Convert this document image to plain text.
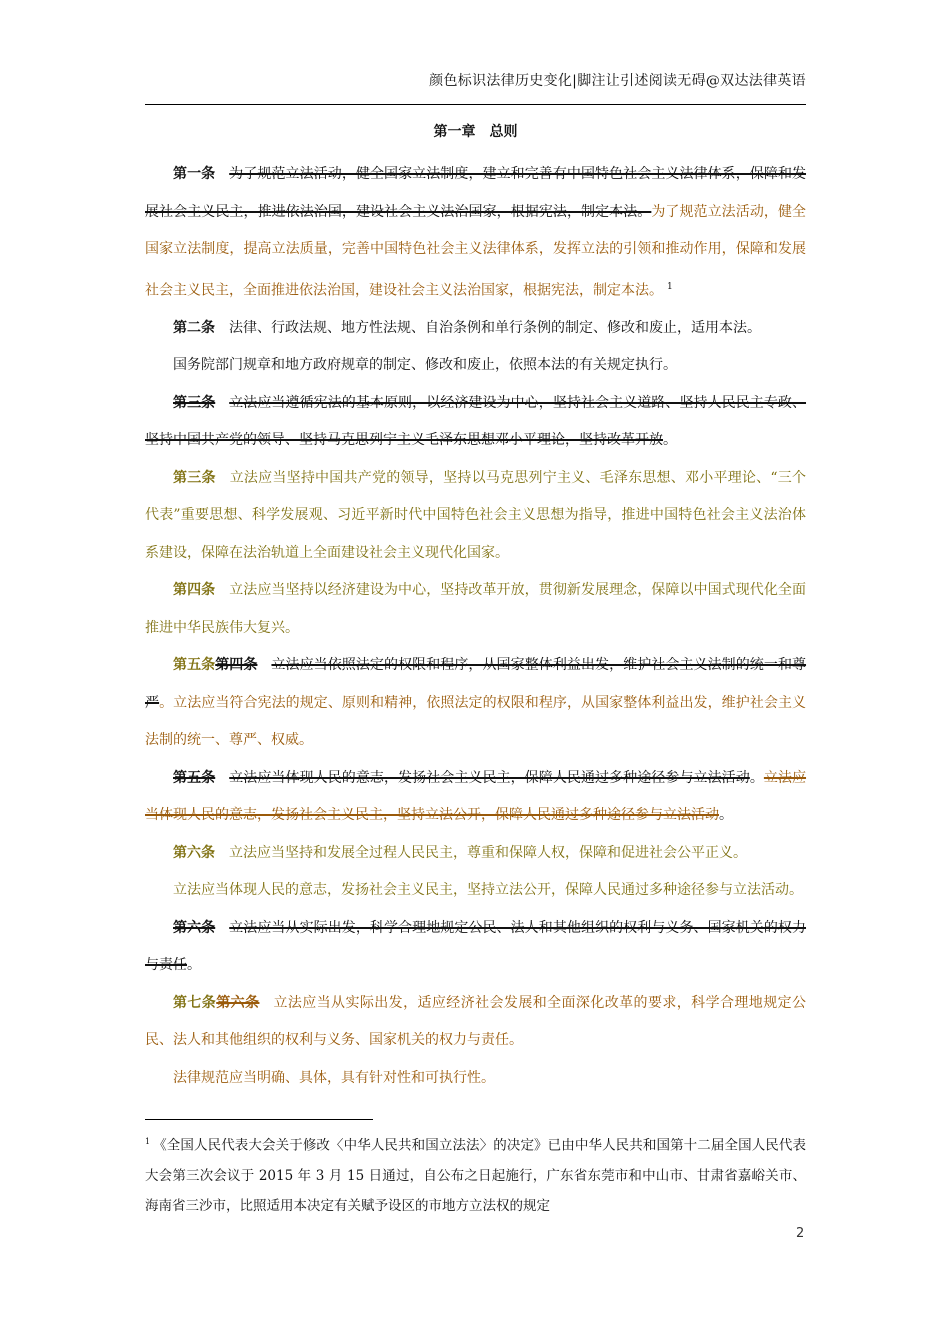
颜色标识法律历史变化|脚注让引述阅读无碍@双达法律英语
第一章　总则

第一条 为了规范立法活动，健全国家立法制度，建立和完善有中国特色社会主义法律体系，保障和发展社会主义民主，推进依法治国，建设社会主义法治国家，根据宪法，制定本法。为了规范立法活动，健全国家立法制度，提高立法质量，完善中国特色社会主义法律体系，发挥立法的引领和推动作用，保障和发展社会主义民主，全面推进依法治国，建设社会主义法治国家，根据宪法，制定本法。 $^1$

第二条 法律、行政法规、地方性法规、自治条例和单行条例的制定、修改和废止，适用本法。

国务院部门规章和地方政府规章的制定、修改和废止，依照本法的有关规定执行。

第三条 立法应当遵循宪法的基本原则，以经济建设为中心，坚持社会主义道路、坚持人民民主专政、坚持中国共产党的领导、坚持马克思列宁主义毛泽东思想邓小平理论，坚持改革开放。

第三条 立法应当坚持中国共产党的领导，坚持以马克思列宁主义、毛泽东思想、邓小平理论、“三个代表”重要思想、科学发展观、习近平新时代中国特色社会主义思想为指导，推进中国特色社会主义法治体系建设，保障在法治轨道上全面建设社会主义现代化国家。

第四条 立法应当坚持以经济建设为中心，坚持改革开放，贯彻新发展理念，保障以中国式现代化全面推进中华民族伟大复兴。

第五条第四条 立法应当依照法定的权限和程序，从国家整体利益出发，维护社会主义法制的统一和尊严。立法应当符合宪法的规定、原则和精神，依照法定的权限和程序，从国家整体利益出发，维护社会主义法制的统一、尊严、权威。

第五条 立法应当体现人民的意志，发扬社会主义民主，保障人民通过多种途径参与立法活动。立法应当体现人民的意志，发扬社会主义民主，坚持立法公开，保障人民通过多种途径参与立法活动。

第六条 立法应当坚持和发展全过程人民民主，尊重和保障人权，保障和促进社会公平正义。

立法应当体现人民的意志，发扬社会主义民主，坚持立法公开，保障人民通过多种途径参与立法活动。

第六条 立法应当从实际出发，科学合理地规定公民、法人和其他组织的权利与义务、国家机关的权力与责任。

第七条第六条 立法应当从实际出发，适应经济社会发展和全面深化改革的要求，科学合理地规定公民、法人和其他组织的权利与义务、国家机关的权力与责任。

法律规范应当明确、具体，具有针对性和可执行性。

$^1$ 《全国人民代表大会关于修改〈中华人民共和国立法法〉的决定》已由中华人民共和国第十二届全国人民代表大会第三次会议于 2015 年 3 月 15 日通过，自公布之日起施行，广东省东莞市和中山市、甘肃省嘉峪关市、海南省三沙市，比照适用本决定有关赋予设区的市地方立法权的规定
2
